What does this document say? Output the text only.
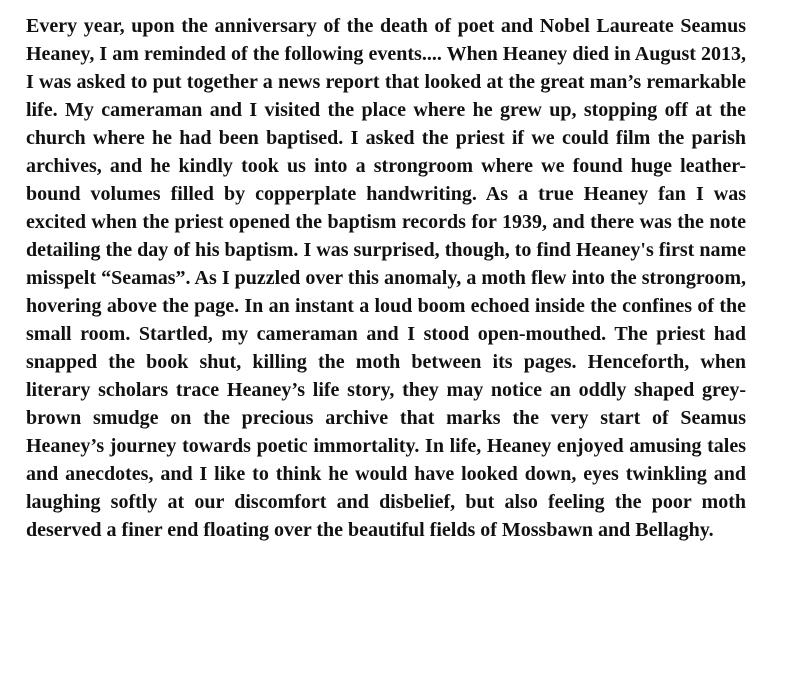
Every year, upon the anniversary of the death of poet and Nobel Laureate Seamus Heaney, I am reminded of the following events.... When Heaney died in August 2013, I was asked to put together a news report that looked at the great man’s remarkable life. My cameraman and I visited the place where he grew up, stopping off at the church where he had been baptised. I asked the priest if we could film the parish archives, and he kindly took us into a strongroom where we found huge leather-bound volumes filled by copperplate handwriting. As a true Heaney fan I was excited when the priest opened the baptism records for 1939, and there was the note detailing the day of his baptism. I was surprised, though, to find Heaney's first name misspelt “Seamas”. As I puzzled over this anomaly, a moth flew into the strongroom, hovering above the page. In an instant a loud boom echoed inside the confines of the small room. Startled, my cameraman and I stood open-mouthed. The priest had snapped the book shut, killing the moth between its pages. Henceforth, when literary scholars trace Heaney’s life story, they may notice an oddly shaped grey-brown smudge on the precious archive that marks the very start of Seamus Heaney’s journey towards poetic immortality. In life, Heaney enjoyed amusing tales and anecdotes, and I like to think he would have looked down, eyes twinkling and laughing softly at our discomfort and disbelief, but also feeling the poor moth deserved a finer end floating over the beautiful fields of Mossbawn and Bellaghy.
